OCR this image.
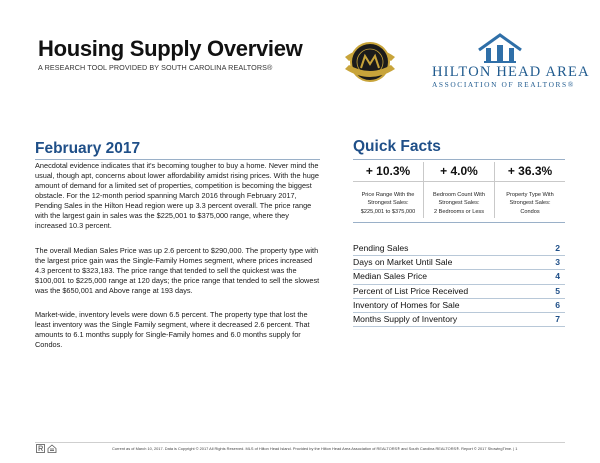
Housing Supply Overview
A RESEARCH TOOL PROVIDED BY SOUTH CAROLINA REALTORS®	HILTON HEAD AREA
ASSOCIATION OF REALTORS®
February 2017
Anecdotal evidence indicates that it's becoming tougher to buy a home. Never mind the usual, though apt, concerns about lower affordability amidst rising prices. With the huge amount of demand for a limited set of properties, competition is becoming the biggest obstacle. For the 12-month period spanning March 2016 through February 2017, Pending Sales in the Hilton Head region were up 3.3 percent overall. The price range with the largest gain in sales was the $225,001 to $375,000 range, where they increased 10.3 percent.
The overall Median Sales Price was up 2.6 percent to $290,000. The property type with the largest price gain was the Single-Family Homes segment, where prices increased 4.3 percent to $323,183. The price range that tended to sell the quickest was the $100,001 to $225,000 range at 120 days; the price range that tended to sell the slowest was the $650,001 and Above range at 193 days.
Market-wide, inventory levels were down 6.5 percent. The property type that lost the least inventory was the Single Family segment, where it decreased 2.6 percent. That amounts to 6.1 months supply for Single-Family homes and 6.0 months supply for Condos.
Quick Facts
+ 10.3%
Price Range With the
Strongest Sales:
$225,001 to $375,000
+ 4.0%
Bedroom Count With
Strongest Sales:
2 Bedrooms or Less
+ 36.3%
Property Type With
Strongest Sales:
Condos
Pending Sales	2
Days on Market Until Sale	3
Median Sales Price	4
Percent of List Price Received	5
Inventory of Homes for Sale	6
Months Supply of Inventory	7
Current as of March 10, 2017. Data is Copyright © 2017 All Rights Reserved. MLS of Hilton Head Island. Provided by the Hilton Head Area Association of REALTORS® and South Carolina REALTORS®. Report © 2017 ShowingTime. | 1
